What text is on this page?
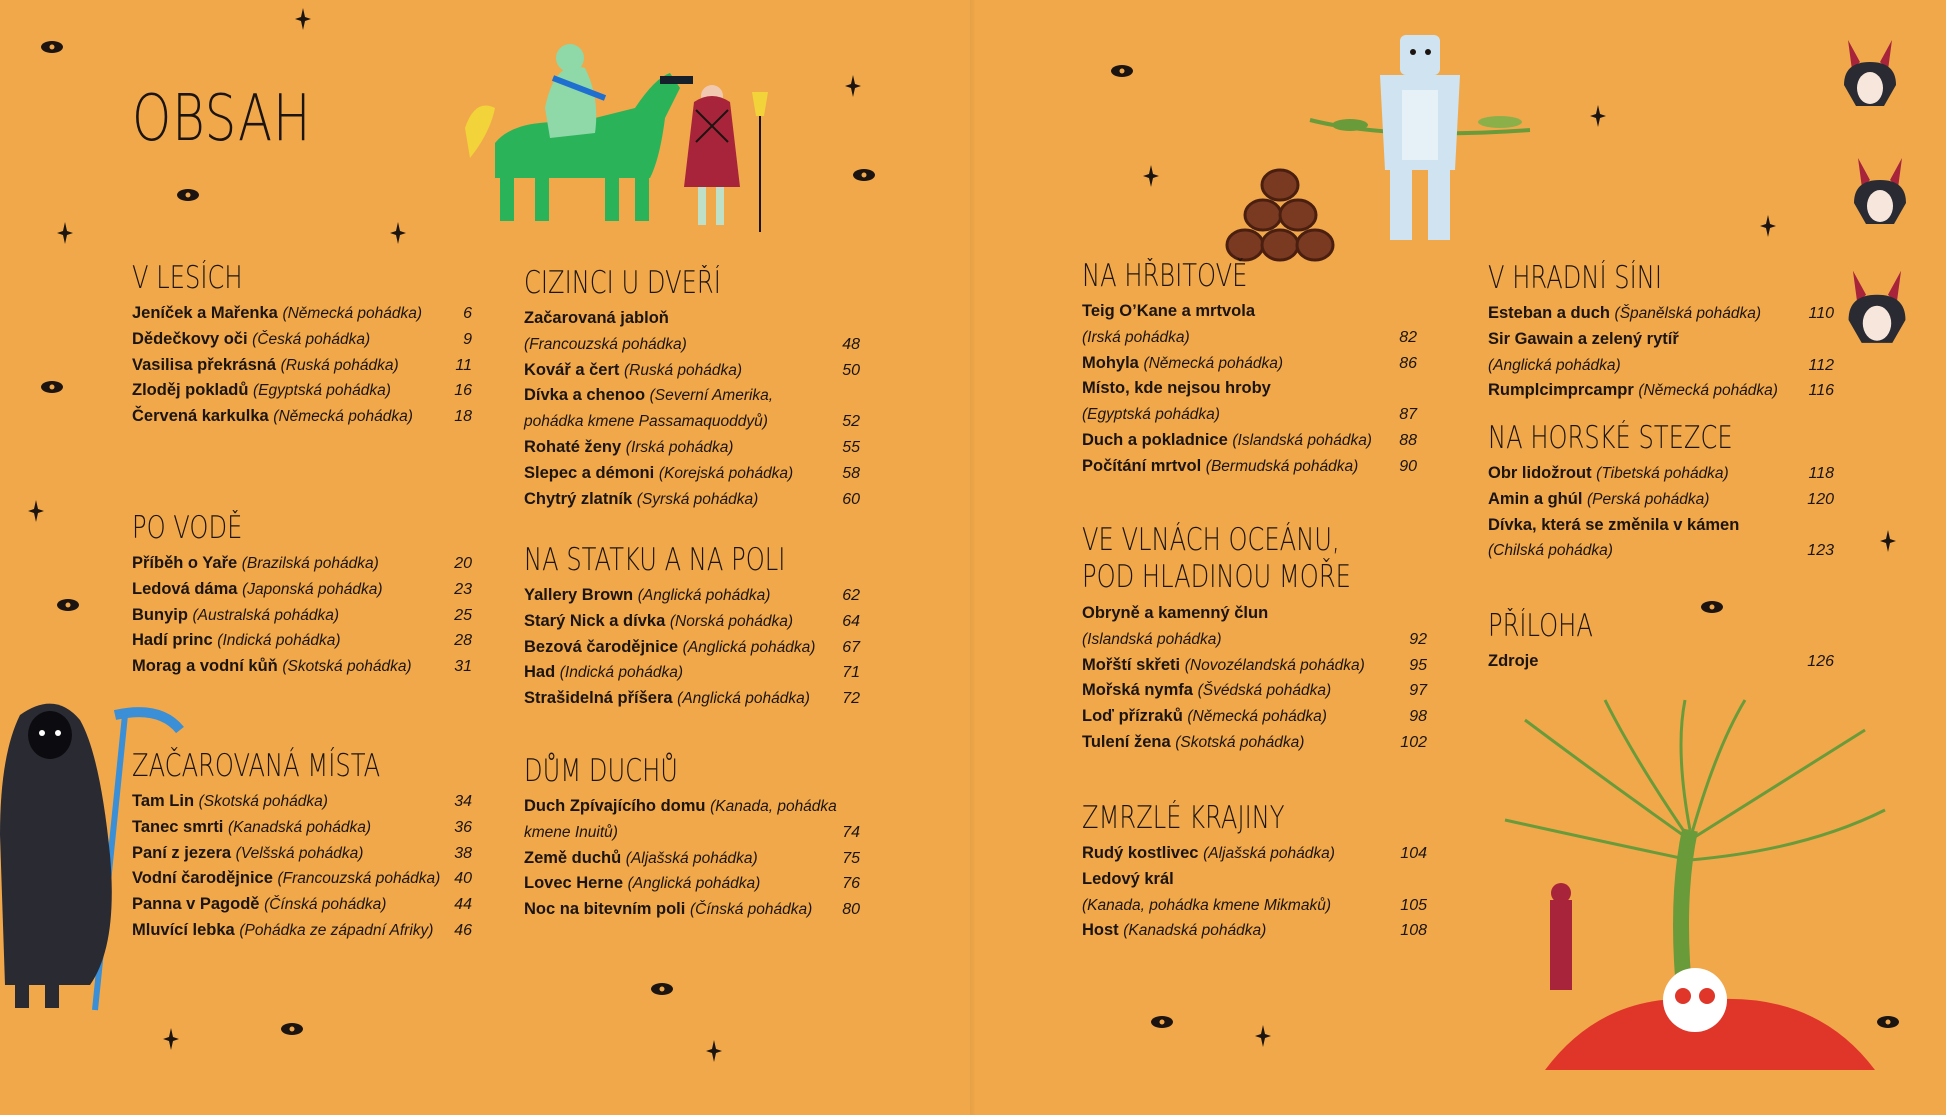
OBSAH
V LESÍCH
Jeníček a Mařenka (Německá pohádka)	6
Dědečkovy oči (Česká pohádka)	9
Vasilisa překrásná (Ruská pohádka)	11
Zloděj pokladů (Egyptská pohádka)	16
Červená karkulka (Německá pohádka)	18
PO VODĚ
Příběh o Yaře (Brazilská pohádka)	20
Ledová dáma (Japonská pohádka)	23
Bunyip (Australská pohádka)	25
Hadí princ (Indická pohádka)	28
Morag a vodní kůň (Skotská pohádka)	31
ZAČAROVANÁ MÍSTA
Tam Lin (Skotská pohádka)	34
Tanec smrti (Kanadská pohádka)	36
Paní z jezera (Velšská pohádka)	38
Vodní čarodějnice (Francouzská pohádka) 40
Panna v Pagodě (Čínská pohádka)	44
Mluvící lebka (Pohádka ze západní Afriky)	46
CIZINCI U DVEŘÍ
Začarovaná jabloň
(Francouzská pohádka)	48
Kovář a čert (Ruská pohádka)	50
Dívka a chenoo (Severní Amerika,
pohádka kmene Passamaquoddyů)	52
Rohaté ženy (Irská pohádka)	55
Slepec a démoni (Korejská pohádka)	58
Chytrý zlatník (Syrská pohádka)	60
NA STATKU A NA POLI
Yallery Brown (Anglická pohádka)	62
Starý Nick a dívka (Norská pohádka)	64
Bezová čarodějnice (Anglická pohádka)	67
Had (Indická pohádka)	71
Strašidelná příšera (Anglická pohádka)	72
DŮM DUCHŮ
Duch Zpívajícího domu (Kanada, pohádka
kmene Inuitů)	74
Země duchů (Aljašská pohádka)	75
Lovec Herne (Anglická pohádka)	76
Noc na bitevním poli (Čínská pohádka)	80
NA HŘBITOVĚ
Teig O’Kane a mrtvola
(Irská pohádka)	82
Mohyla (Německá pohádka)	86
Místo, kde nejsou hroby
(Egyptská pohádka)	87
Duch a pokladnice (Islandská pohádka)	88
Počítání mrtvol (Bermudská pohádka)	90
VE VLNÁCH OCEÁNU,
POD HLADINOU MOŘE
Obryně a kamenný člun
(Islandská pohádka)	92
Mořští skřeti (Novozélandská pohádka)	95
Mořská nymfa (Švédská pohádka)	97
Loď přízraků (Německá pohádka)	98
Tulení žena (Skotská pohádka)	102
ZMRZLÉ KRAJINY
Rudý kostlivec (Aljašská pohádka)	104
Ledový král
(Kanada, pohádka kmene Mikmaků)	105
Host (Kanadská pohádka)	108
V HRADNÍ SÍNI
Esteban a duch (Španělská pohádka)	110
Sir Gawain a zelený rytíř
(Anglická pohádka)	112
Rumplcimprcampr (Německá pohádka)	116
NA HORSKÉ STEZCE
Obr lidožrout (Tibetská pohádka)	118
Amin a ghúl (Perská pohádka)	120
Dívka, která se změnila v kámen
(Chilská pohádka)	123
PŘÍLOHA
Zdroje	126
